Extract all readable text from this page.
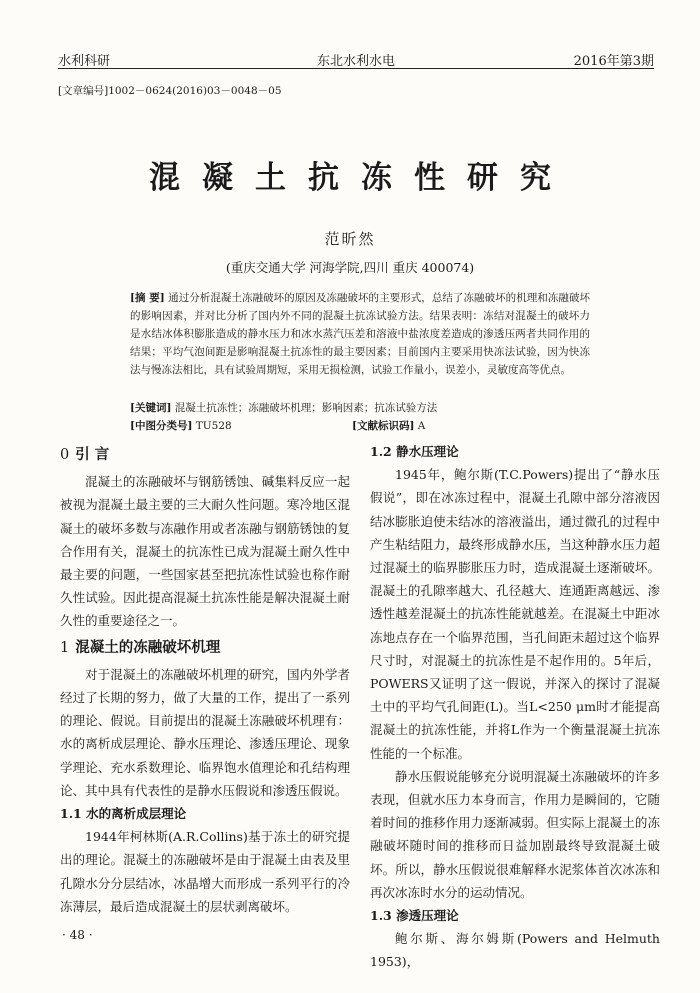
水利科研	东北水利水电	2016年第3期
[文章编号]1002－0624(2016)03－0048－05
混凝土抗冻性研究
范昕然
(重庆交通大学 河海学院,四川 重庆 400074)
[摘 要] 通过分析混凝土冻融破坏的原因及冻融破坏的主要形式，总结了冻融破坏的机理和冻融破坏的影响因素，并对比分析了国内外不同的混凝土抗冻试验方法。结果表明：冻结对混凝土的破坏力是水结冰体积膨胀造成的静水压力和冰水蒸汽压差和溶液中盐浓度差造成的渗透压两者共同作用的结果；平均气泡间距是影响混凝土抗冻性的最主要因素；目前国内主要采用快冻法试验，因为快冻法与慢冻法相比，具有试验周期短，采用无损检测，试验工作量小，误差小，灵敏度高等优点。
[关键词] 混凝土抗冻性；冻融破坏机理；影响因素；抗冻试验方法
[中图分类号] TU528	[文献标识码] A
0 引 言

混凝土的冻融破坏与钢筋锈蚀、碱集料反应一起被视为混凝土最主要的三大耐久性问题。寒冷地区混凝土的破坏多数与冻融作用或者冻融与钢筋锈蚀的复合作用有关，混凝土的抗冻性已成为混凝土耐久性中最主要的问题，一些国家甚至把抗冻性试验也称作耐久性试验。因此提高混凝土抗冻性能是解决混凝土耐久性的重要途径之一。

1 混凝土的冻融破坏机理

对于混凝土的冻融破坏机理的研究，国内外学者经过了长期的努力，做了大量的工作，提出了一系列的理论、假说。目前提出的混凝土冻融破坏机理有：水的离析成层理论、静水压理论、渗透压理论、现象学理论、充水系数理论、临界饱水值理论和孔结构理论、其中具有代表性的是静水压假说和渗透压假说。

1.1 水的离析成层理论

1944年柯林斯(A.R.Collins)基于冻土的研究提出的理论。混凝土的冻融破坏是由于混凝土由表及里孔隙水分分层结冰，冰晶增大而形成一系列平行的冷冻薄层，最后造成混凝土的层状剥离破坏。

1.2 静水压理论

1945年，鲍尔斯(T.C.Powers)提出了“静水压假说”，即在冰冻过程中，混凝土孔隙中部分溶液因结冰膨胀迫使未结冰的溶液溢出，通过微孔的过程中产生粘结阻力，最终形成静水压，当这种静水压力超过混凝土的临界膨胀压力时，造成混凝土逐渐破坏。混凝土的孔隙率越大、孔径越大、连通距离越远、渗透性越差混凝土的抗冻性能就越差。在混凝土中距冰冻地点存在一个临界范围，当孔间距未超过这个临界尺寸时，对混凝土的抗冻性是不起作用的。5年后，POWERS又证明了这一假说，并深入的探讨了混凝土中的平均气孔间距(L)。当L<250 μm时才能提高混凝土的抗冻性能，并将L作为一个衡量混凝土抗冻性能的一个标准。

静水压假说能够充分说明混凝土冻融破坏的许多表现，但就水压力本身而言，作用力是瞬间的，它随着时间的推移作用力逐渐减弱。但实际上混凝土的冻融破坏随时间的推移而日益加剧最终导致混凝土破坏。所以，静水压假说很难解释水泥浆体首次冰冻和再次冰冻时水分的运动情况。

1.3 渗透压理论

鲍尔斯、海尔姆斯(Powers and Helmuth 1953)，

· 48 ·
